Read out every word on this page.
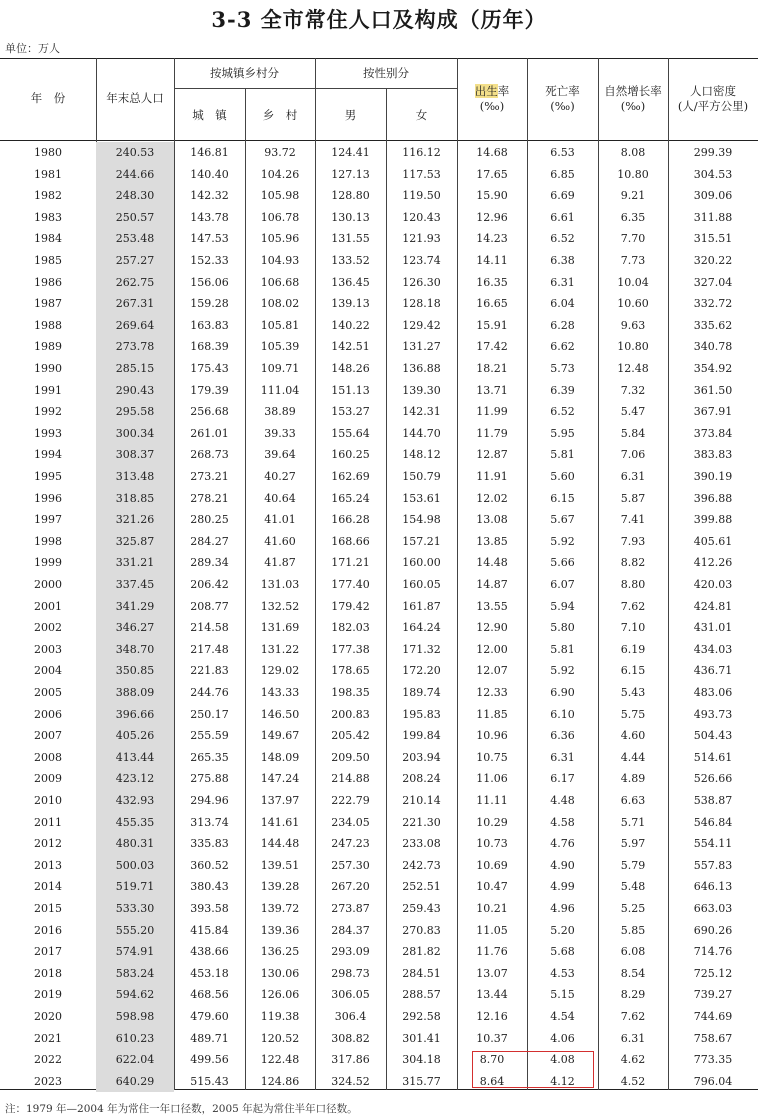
3-3 全市常住人口及构成（历年）
单位：万人
年　份	年末总人口
按城镇乡村分
城　镇	乡　村
按性别分
男	女
出生率
(‰)
死亡率
(‰)
自然增长率
(‰)
人口密度
(人/平方公里)
1980	240.53	146.81	93.72	124.41	116.12	14.68	6.53	8.08	299.39
1981	244.66	140.40	104.26	127.13	117.53	17.65	6.85	10.80	304.53
1982	248.30	142.32	105.98	128.80	119.50	15.90	6.69	9.21	309.06
1983	250.57	143.78	106.78	130.13	120.43	12.96	6.61	6.35	311.88
1984	253.48	147.53	105.96	131.55	121.93	14.23	6.52	7.70	315.51
1985	257.27	152.33	104.93	133.52	123.74	14.11	6.38	7.73	320.22
1986	262.75	156.06	106.68	136.45	126.30	16.35	6.31	10.04	327.04
1987	267.31	159.28	108.02	139.13	128.18	16.65	6.04	10.60	332.72
1988	269.64	163.83	105.81	140.22	129.42	15.91	6.28	9.63	335.62
1989	273.78	168.39	105.39	142.51	131.27	17.42	6.62	10.80	340.78
1990	285.15	175.43	109.71	148.26	136.88	18.21	5.73	12.48	354.92
1991	290.43	179.39	111.04	151.13	139.30	13.71	6.39	7.32	361.50
1992	295.58	256.68	38.89	153.27	142.31	11.99	6.52	5.47	367.91
1993	300.34	261.01	39.33	155.64	144.70	11.79	5.95	5.84	373.84
1994	308.37	268.73	39.64	160.25	148.12	12.87	5.81	7.06	383.83
1995	313.48	273.21	40.27	162.69	150.79	11.91	5.60	6.31	390.19
1996	318.85	278.21	40.64	165.24	153.61	12.02	6.15	5.87	396.88
1997	321.26	280.25	41.01	166.28	154.98	13.08	5.67	7.41	399.88
1998	325.87	284.27	41.60	168.66	157.21	13.85	5.92	7.93	405.61
1999	331.21	289.34	41.87	171.21	160.00	14.48	5.66	8.82	412.26
2000	337.45	206.42	131.03	177.40	160.05	14.87	6.07	8.80	420.03
2001	341.29	208.77	132.52	179.42	161.87	13.55	5.94	7.62	424.81
2002	346.27	214.58	131.69	182.03	164.24	12.90	5.80	7.10	431.01
2003	348.70	217.48	131.22	177.38	171.32	12.00	5.81	6.19	434.03
2004	350.85	221.83	129.02	178.65	172.20	12.07	5.92	6.15	436.71
2005	388.09	244.76	143.33	198.35	189.74	12.33	6.90	5.43	483.06
2006	396.66	250.17	146.50	200.83	195.83	11.85	6.10	5.75	493.73
2007	405.26	255.59	149.67	205.42	199.84	10.96	6.36	4.60	504.43
2008	413.44	265.35	148.09	209.50	203.94	10.75	6.31	4.44	514.61
2009	423.12	275.88	147.24	214.88	208.24	11.06	6.17	4.89	526.66
2010	432.93	294.96	137.97	222.79	210.14	11.11	4.48	6.63	538.87
2011	455.35	313.74	141.61	234.05	221.30	10.29	4.58	5.71	546.84
2012	480.31	335.83	144.48	247.23	233.08	10.73	4.76	5.97	554.11
2013	500.03	360.52	139.51	257.30	242.73	10.69	4.90	5.79	557.83
2014	519.71	380.43	139.28	267.20	252.51	10.47	4.99	5.48	646.13
2015	533.30	393.58	139.72	273.87	259.43	10.21	4.96	5.25	663.03
2016	555.20	415.84	139.36	284.37	270.83	11.05	5.20	5.85	690.26
2017	574.91	438.66	136.25	293.09	281.82	11.76	5.68	6.08	714.76
2018	583.24	453.18	130.06	298.73	284.51	13.07	4.53	8.54	725.12
2019	594.62	468.56	126.06	306.05	288.57	13.44	5.15	8.29	739.27
2020	598.98	479.60	119.38	306.4	292.58	12.16	4.54	7.62	744.69
2021	610.23	489.71	120.52	308.82	301.41	10.37	4.06	6.31	758.67
2022	622.04	499.56	122.48	317.86	304.18	8.70	4.08	4.62	773.35
2023	640.29	515.43	124.86	324.52	315.77	8.64	4.12	4.52	796.04
注：1979 年—2004 年为常住一年口径数，2005 年起为常住半年口径数。
